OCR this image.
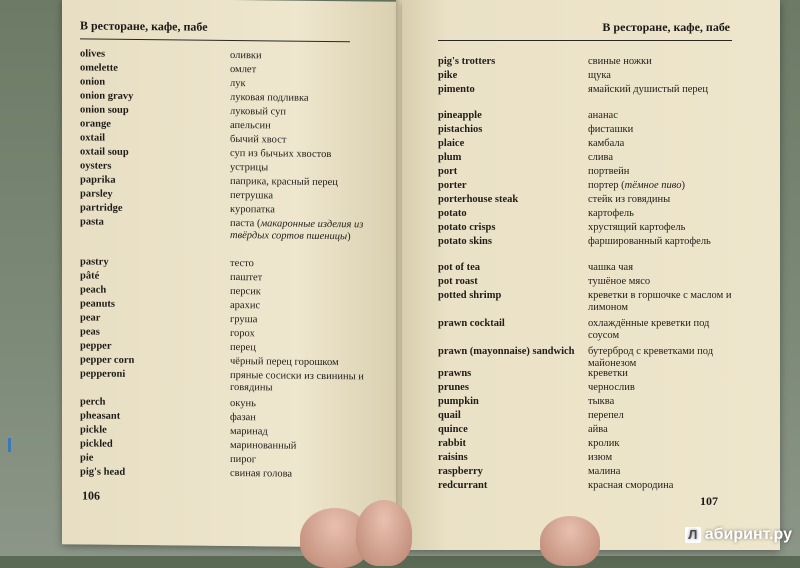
В ресторане, кафе, пабе
olives	оливки
omelette	омлет
onion	лук
onion gravy	луковая подливка
onion soup	луковый суп
orange	апельсин
oxtail	бычий хвост
oxtail soup	суп из бычьих хвостов
oysters	устрицы
paprika	паприка, красный перец
parsley	петрушка
partridge	куропатка
pasta	паста (макаронные изделия из твёрдых сортов пшеницы)
pastry	тесто
pâté	паштет
peach	персик
peanuts	арахис
pear	груша
peas	горох
pepper	перец
pepper corn	чёрный перец горошком
pepperoni	пряные сосиски из свинины и говядины
perch	окунь
pheasant	фазан
pickle	маринад
pickled	маринованный
pie	пирог
pig's head	свиная голова
106
В ресторане, кафе, пабе
pig's trotters	свиные ножки
pike	щука
pimento	ямайский душистый перец
pineapple	ананас
pistachios	фисташки
plaice	камбала
plum	слива
port	портвейн
porter	портер (тёмное пиво)
porterhouse steak	стейк из говядины
potato	картофель
potato crisps	хрустящий картофель
potato skins	фаршированный картофель
pot of tea	чашка чая
pot roast	тушёное мясо
potted shrimp	креветки в горшочке с маслом и лимоном
prawn cocktail	охлаждённые креветки под соусом
prawn (mayonnaise) sandwich	бутерброд с креветками под майонезом
prawns	креветки
prunes	чернослив
pumpkin	тыква
quail	перепел
quince	айва
rabbit	кролик
raisins	изюм
raspberry	малина
redcurrant	красная смородина
107
Л абиринт.ру
